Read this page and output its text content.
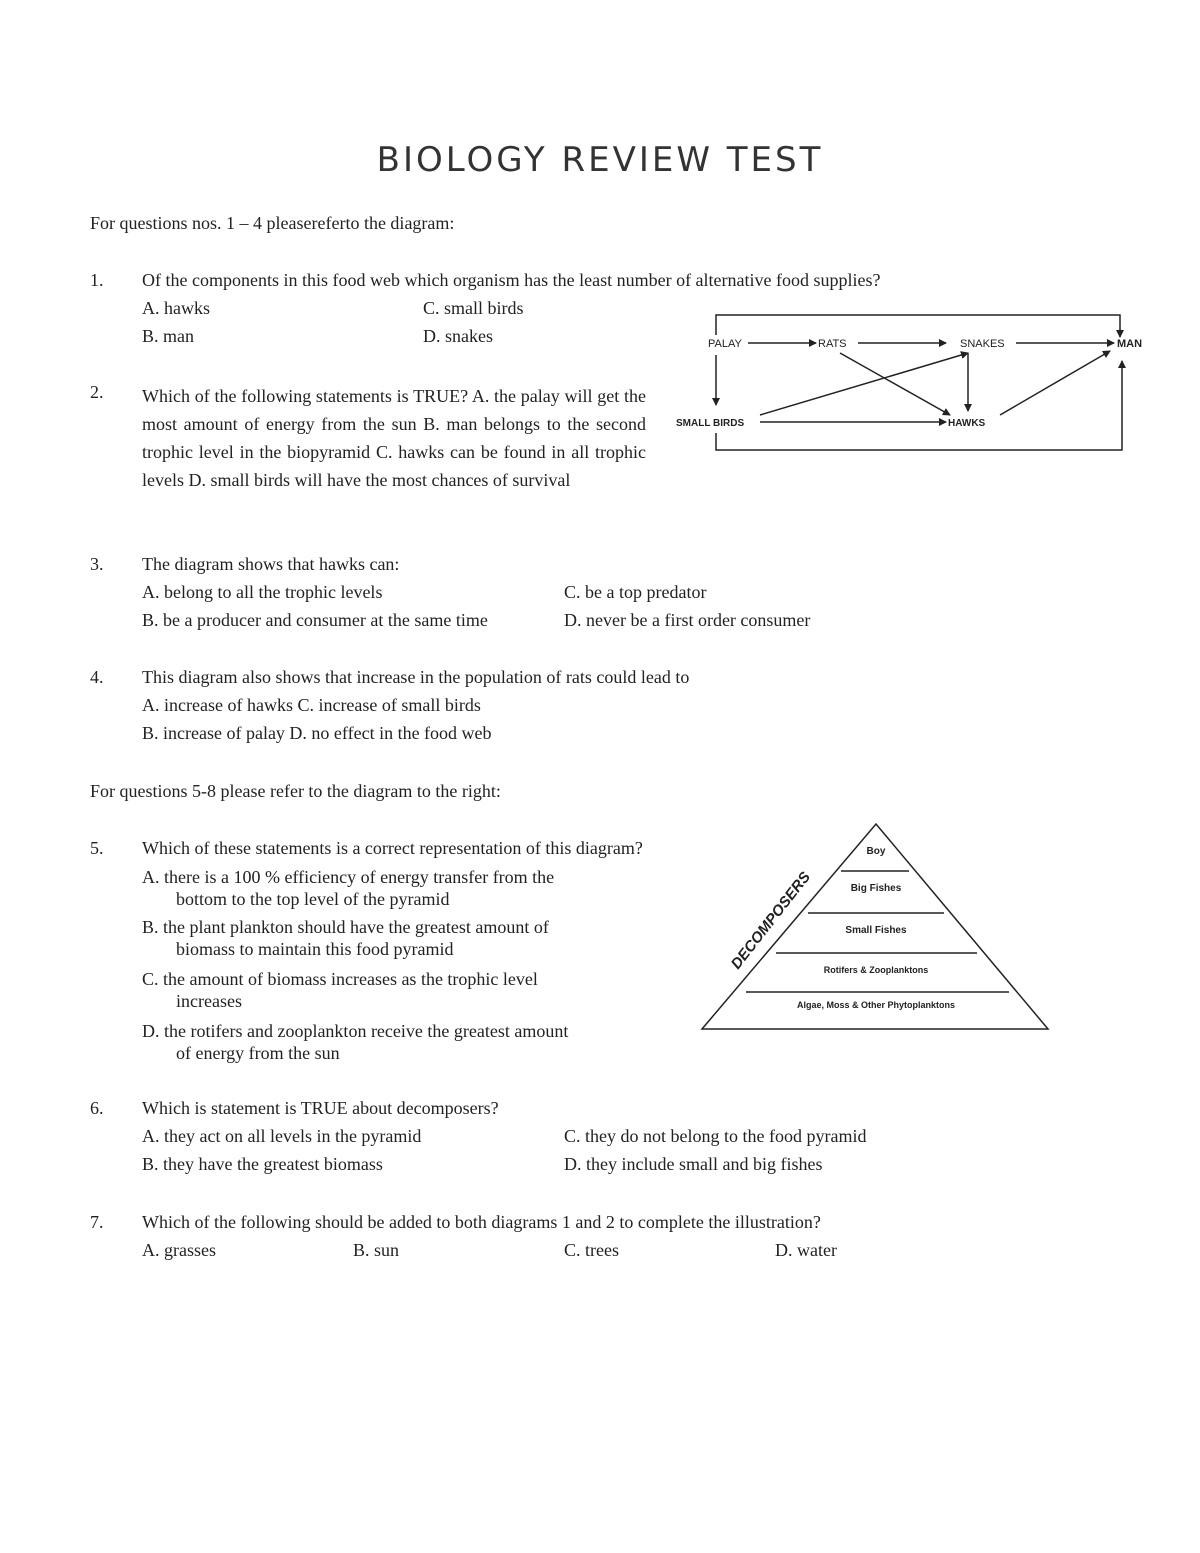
BIOLOGY REVIEW TEST
For questions nos. 1 – 4 pleasereferto the diagram:
1. Of the components in this food web which organism has the least number of alternative food supplies?
A. hawks	C. small birds
B. man	D. snakes
2. Which of the following statements is TRUE? A. the palay will get the most amount of energy from the sun B. man belongs to the second trophic level in the biopyramid C. hawks can be found in all trophic levels D. small birds will have the most chances of survival
PALAY	RATS	SNAKES	MAN
SMALL BIRDS	HAWKS
3. The diagram shows that hawks can:
A. belong to all the trophic levels	C. be a top predator
B. be a producer and consumer at the same time	D. never be a first order consumer
4. This diagram also shows that increase in the population of rats could lead to
A. increase of hawks C. increase of small birds
B. increase of palay D. no effect in the food web
For questions 5-8 please refer to the diagram to the right:
5. Which of these statements is a correct representation of this diagram?
A. there is a 100 % efficiency of energy transfer from the
bottom to the top level of the pyramid
B. the plant plankton should have the greatest amount of
biomass to maintain this food pyramid
C. the amount of biomass increases as the trophic level
increases
D. the rotifers and zooplankton receive the greatest amount
of energy from the sun
Boy
Big Fishes
Small Fishes
Rotifers & Zooplanktons
Algae, Moss & Other Phytoplanktons
DECOMPOSERS
6. Which is statement is TRUE about decomposers?
A. they act on all levels in the pyramid	C. they do not belong to the food pyramid
B. they have the greatest biomass	D. they include small and big fishes
7. Which of the following should be added to both diagrams 1 and 2 to complete the illustration?
A. grasses	B. sun	C. trees	D. water
